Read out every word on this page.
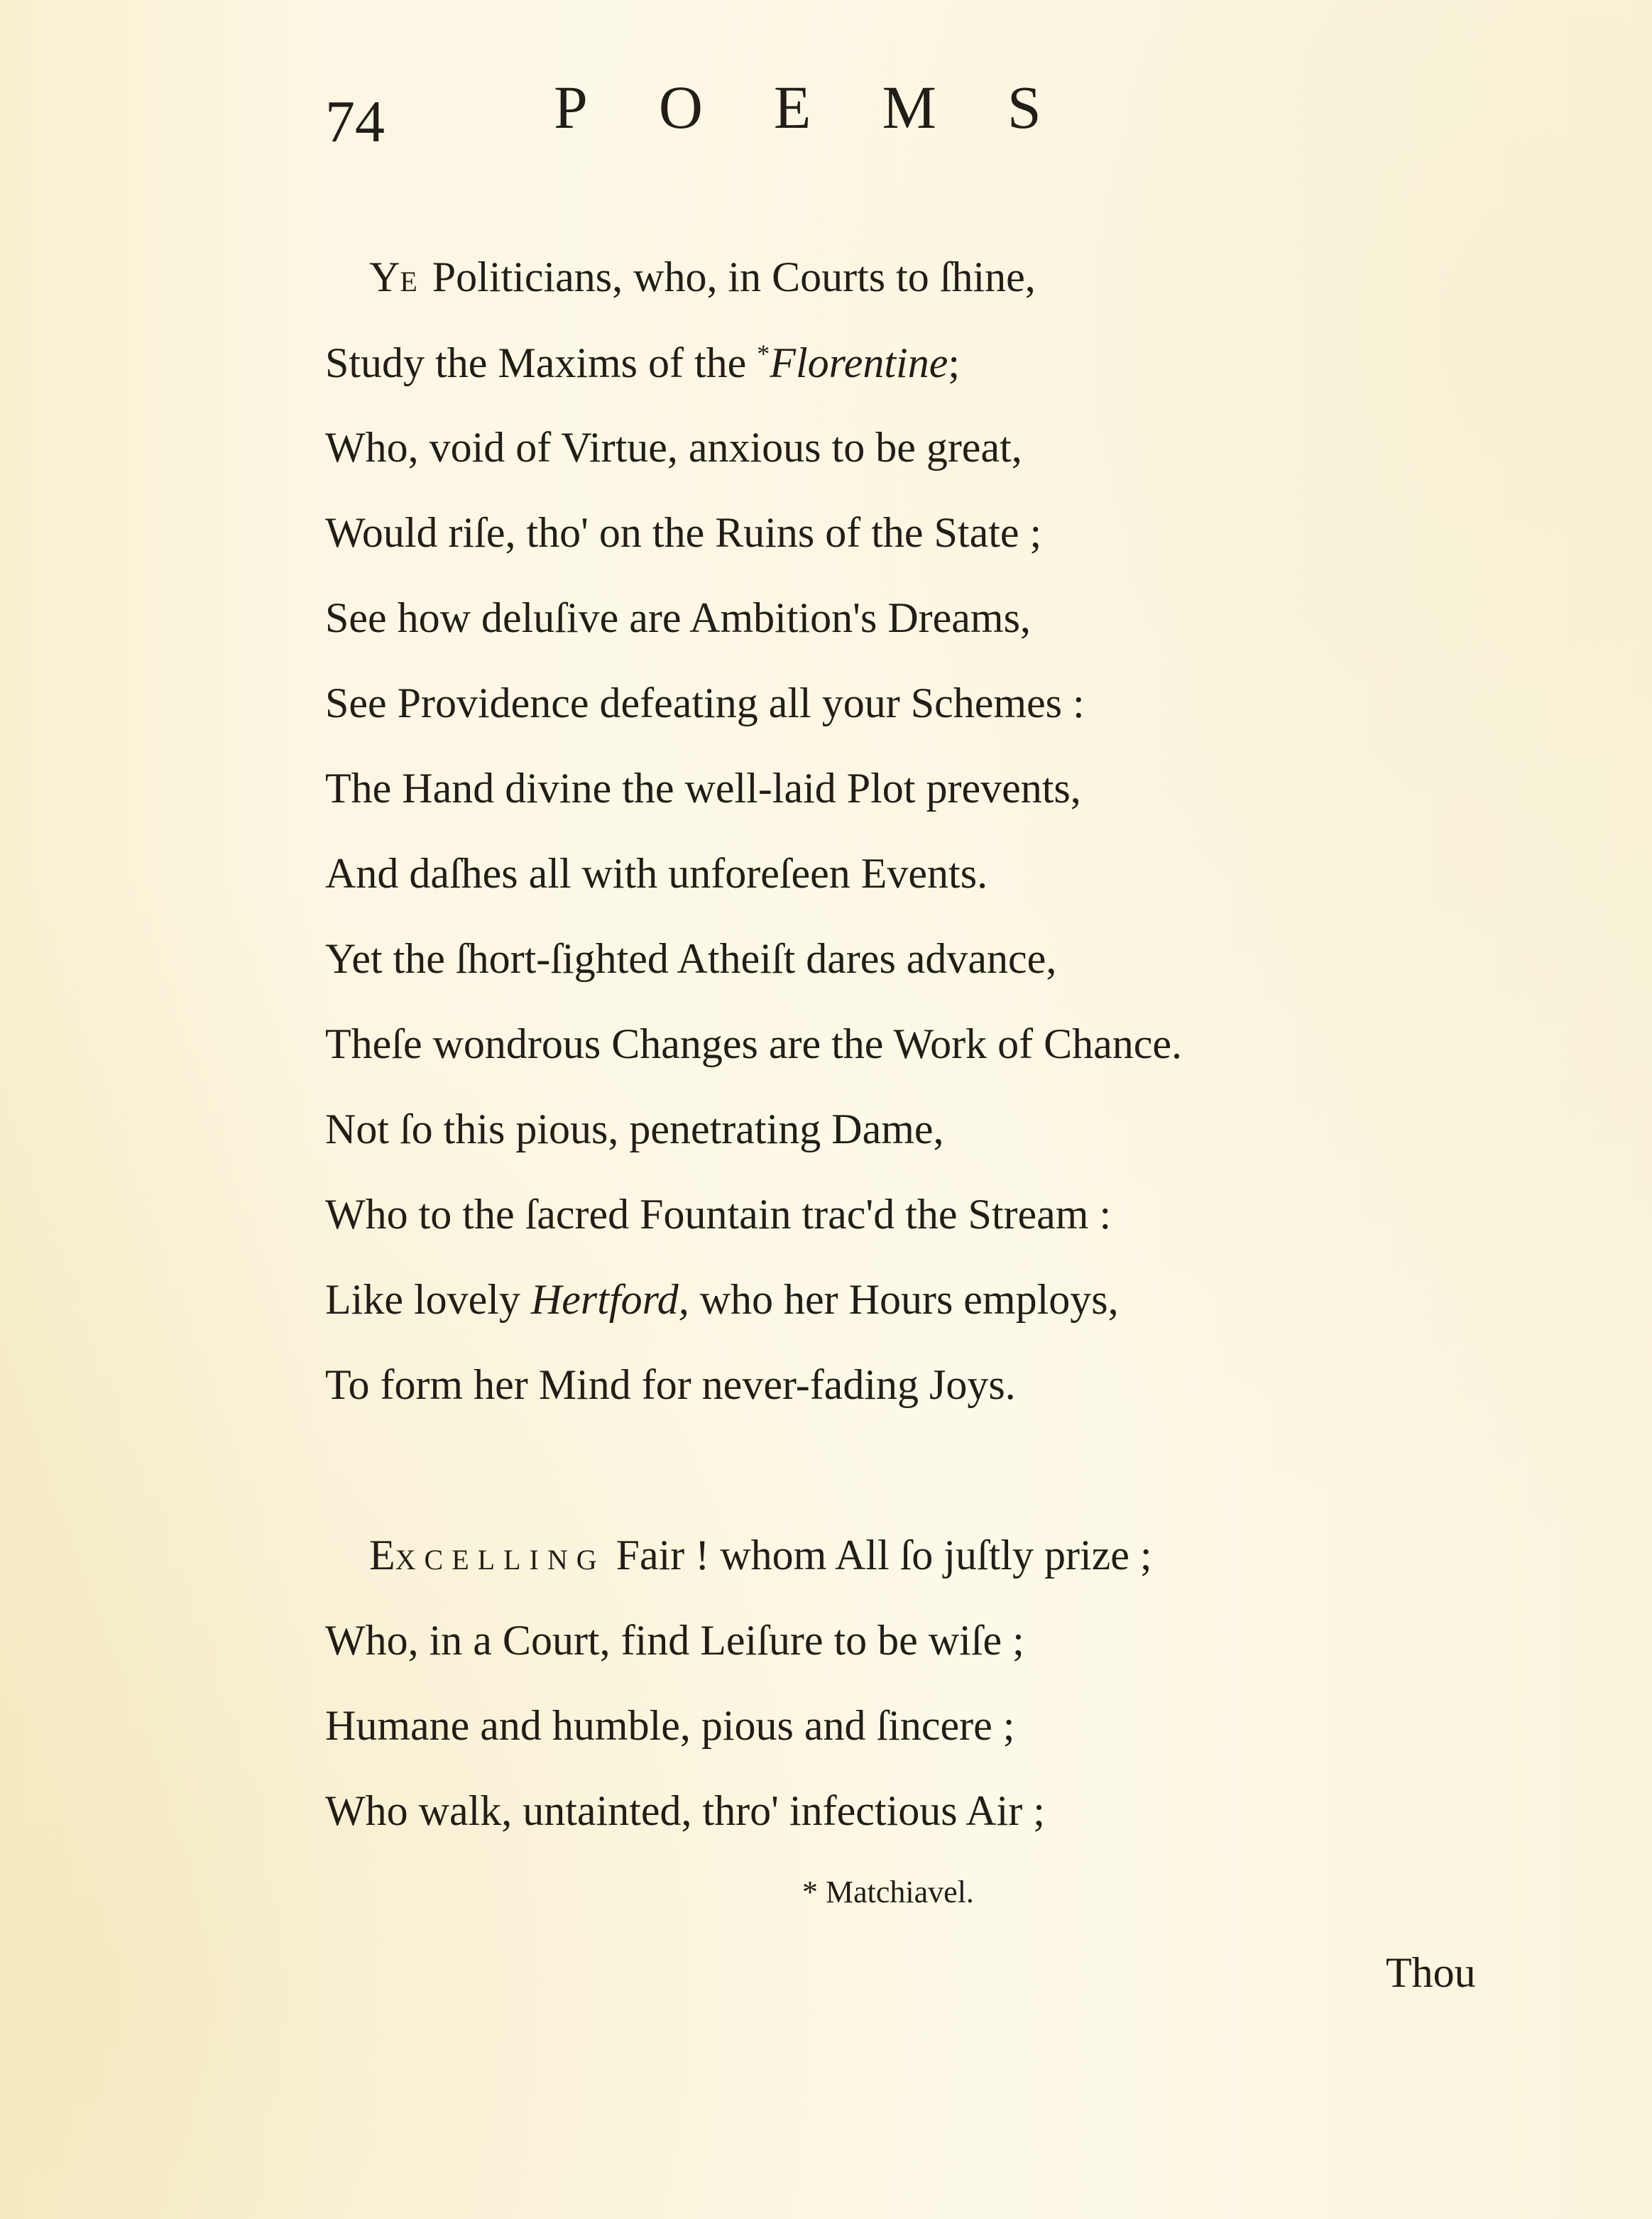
74	POEMS

YE Politicians, who, in Courts to ſhine,

Study the Maxims of the *Florentine;

Who, void of Virtue, anxious to be great,

Would riſe, tho' on the Ruins of the State ;

See how deluſive are Ambition's Dreams,

See Providence defeating all your Schemes :

The Hand divine the well-laid Plot prevents,

And daſhes all with unforeſeen Events.

Yet the ſhort-ſighted Atheiſt dares advance,

Theſe wondrous Changes are the Work of Chance.

Not ſo this pious, penetrating Dame,

Who to the ſacred Fountain trac'd the Stream :

Like lovely Hertford, who her Hours employs,

To form her Mind for never-fading Joys.

EXCELLING Fair ! whom All ſo juſtly prize ;

Who, in a Court, find Leiſure to be wiſe ;

Humane and humble, pious and ſincere ;

Who walk, untainted, thro' infectious Air ;

* Matchiavel.

Thou
